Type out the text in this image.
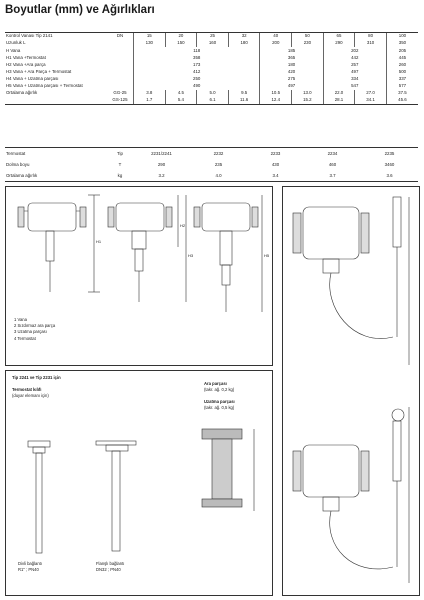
Boyutlar (mm) ve Ağırlıkları
Kontrol Vanası Tip 2141	DN	15	20	25	32	40	50	65	80	100
Uzunluk L		130	150	160	180	200	230	290	310	350
H Vana		118				185		202		205
H1 Vana +Termostat		358				365		442		445
H2 Vana +Ara parça		173				180		257		260
H3 Vana + Ara Parça + Termostat		412				420		497		500
H4 Vana + Uzatma parçası		250				275		334		337
H5 Vana + Uzatma parçası + Termostat		490				497		547		577
Ortalama ağırlık	GG-25	3.8	4.5	5.0	9.5	10.5	13.0	22.0	27.0	37.5
	GS-125	1.7	5.4	6.1	11.6	12.4	15.2	28.1	34.1	45.6
Termostat	Tip	2231/2241	2232	2233	2234	2235
Dolma boyu	T	290	235	430	460	3460
Ortalama ağırlık	kg	3.2	4.0	3.4	3.7	3.6
H1
H2
H3	H5
1 Vana
2 Sızdırmaz ara parça
3 Uzatma parçası
4 Termostat
Tip 2241 ve Tip 2231 için
Termostat kılıfı
(duyar elemanı için)
Ara parçası
(takr. ağ. 0,2 kg)
Uzatma parçası
(takr. ağ. 0,5 kg)
Divli bağlantı
R1" ; PN40
Flanşlı bağlantı
DN32 ; PN40
